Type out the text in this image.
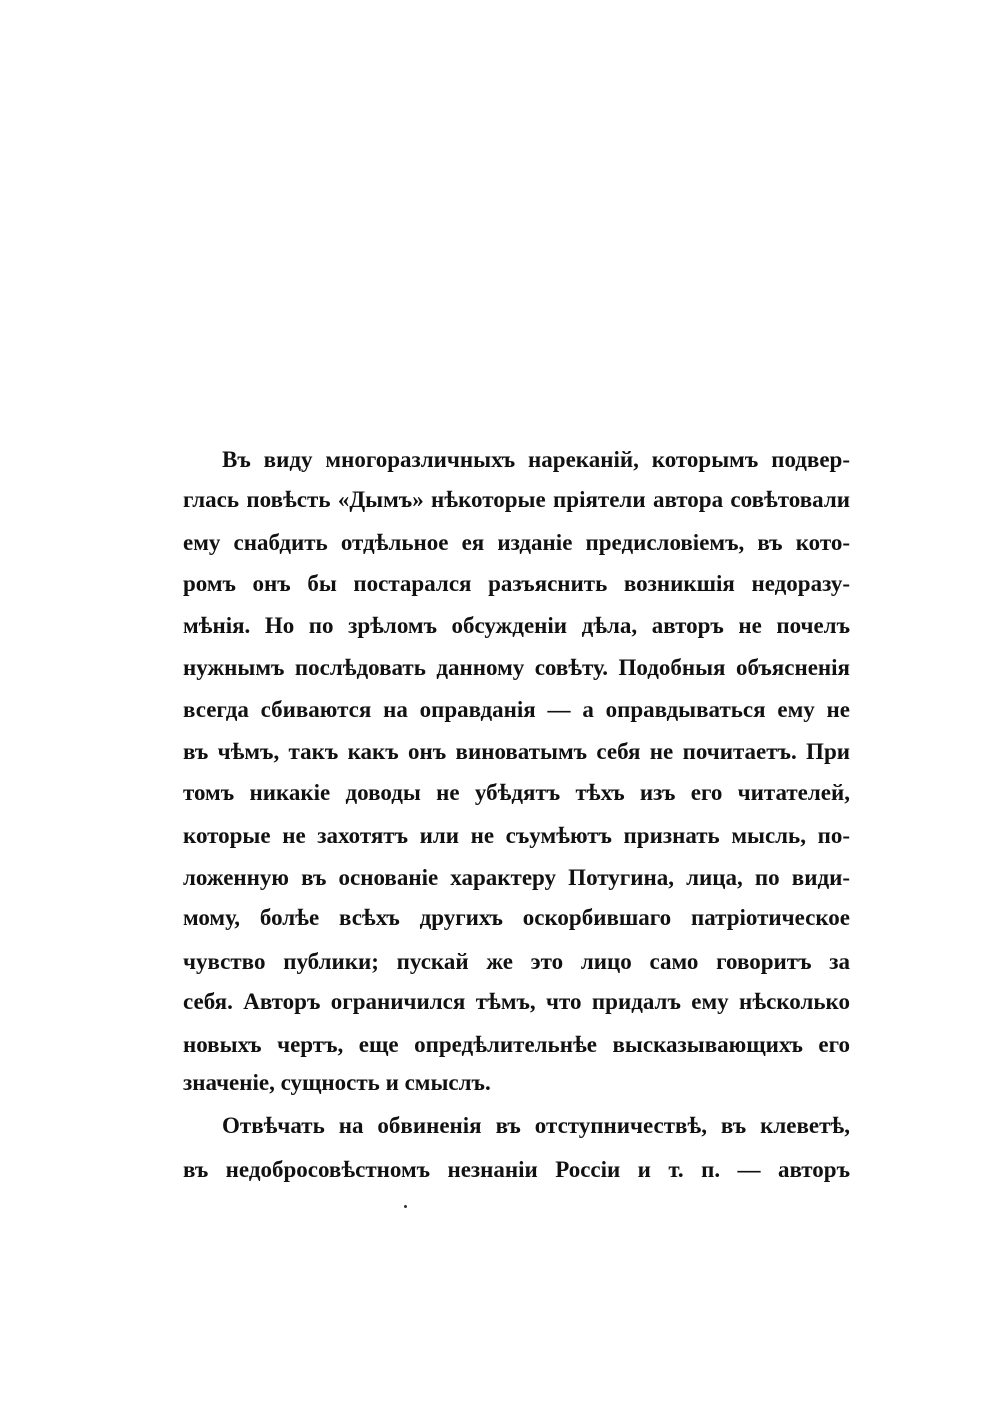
Въ виду многоразличныхъ нареканій, которымъ подвер-
глась повѣсть «Дымъ» нѣкоторые пріятели автора совѣтовали
ему снабдить отдѣльное ея изданіе предисловіемъ, въ кото-
ромъ онъ бы постарался разъяснить возникшія недоразу-
мѣнія. Но по зрѣломъ обсужденіи дѣла, авторъ не почелъ
нужнымъ послѣдовать данному совѣту. Подобныя объясненія
всегда сбиваются на оправданія — а оправдываться ему не
въ чѣмъ, такъ какъ онъ виноватымъ себя не почитаетъ. При
томъ никакіе доводы не убѣдятъ тѣхъ изъ его читателей,
которые не захотятъ или не съумѣютъ признать мысль, по-
ложенную въ основаніе характеру Потугина, лица, по види-
мому, болѣе всѣхъ другихъ оскорбившаго патріотическое
чувство публики; пускай же это лицо само говоритъ за
себя. Авторъ ограничился тѣмъ, что придалъ ему нѣсколько
новыхъ чертъ, еще опредѣлительнѣе высказывающихъ его
значеніе, сущность и смыслъ.
Отвѣчать на обвиненія въ отступничествѣ, въ клеветѣ,
въ недобросовѣстномъ незнаніи Россіи и т. п. — авторъ
